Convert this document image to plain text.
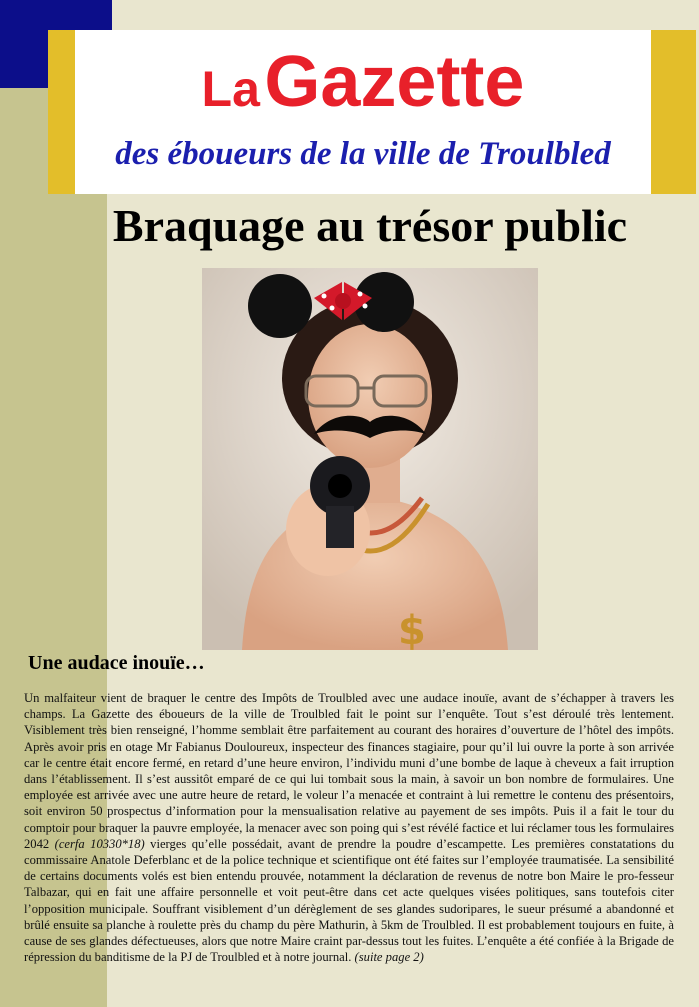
La Gazette
des éboueurs de la ville de Troulbled
Braquage au trésor public
$
Une audace inouïe…

Un malfaiteur vient de braquer le centre des Impôts de Troulbled avec une audace inouïe, avant de s’échapper à travers les champs. La Gazette des éboueurs de la ville de Troulbled fait le point sur l’enquête. Tout s’est déroulé très lentement. Visiblement très bien renseigné, l’homme semblait être parfaitement au courant des horaires d’ouverture de l’hôtel des impôts. Après avoir pris en otage Mr Fabianus Douloureux, inspecteur des finances stagiaire, pour qu’il lui ouvre la porte à son arrivée car le centre était encore fermé, en retard d’une heure environ, l’individu muni d’une bombe de laque à cheveux a fait irruption dans l’établissement. Il s’est aussitôt emparé de ce qui lui tombait sous la main, à savoir un bon nombre de formulaires. Une employée est arrivée avec une autre heure de retard, le voleur l’a menacée et contraint à lui remettre le contenu des présentoirs, soit environ 50 prospectus d’information pour la mensualisation relative au payement de ses impôts. Puis il a fait le tour du comptoir pour braquer la pauvre employée, la menacer avec son poing qui s’est révélé factice et lui réclamer tous les formulaires 2042 (cerfa 10330*18) vierges qu’elle possédait, avant de prendre la poudre d’escampette. Les premières constatations du commissaire Anatole Deferblanc et de la police technique et scientifique ont été faites sur l’employée traumatisée. La sensibilité de certains documents volés est bien entendu prouvée, notamment la déclaration de revenus de notre bon Maire le pro-fesseur Talbazar, qui en fait une affaire personnelle et voit peut-être dans cet acte quelques visées politiques, sans toutefois citer l’opposition municipale. Souffrant visiblement d’un dérèglement de ses glandes sudoripares, le sueur présumé a abandonné et brûlé ensuite sa planche à roulette près du champ du père Mathurin, à 5km de Troulbled. Il est probablement toujours en fuite, à cause de ses glandes défectueuses, alors que notre Maire craint par-dessus tout les fuites. L’enquête a été confiée à la Brigade de répression du banditisme de la PJ de Troulbled et à notre journal. (suite page 2)
